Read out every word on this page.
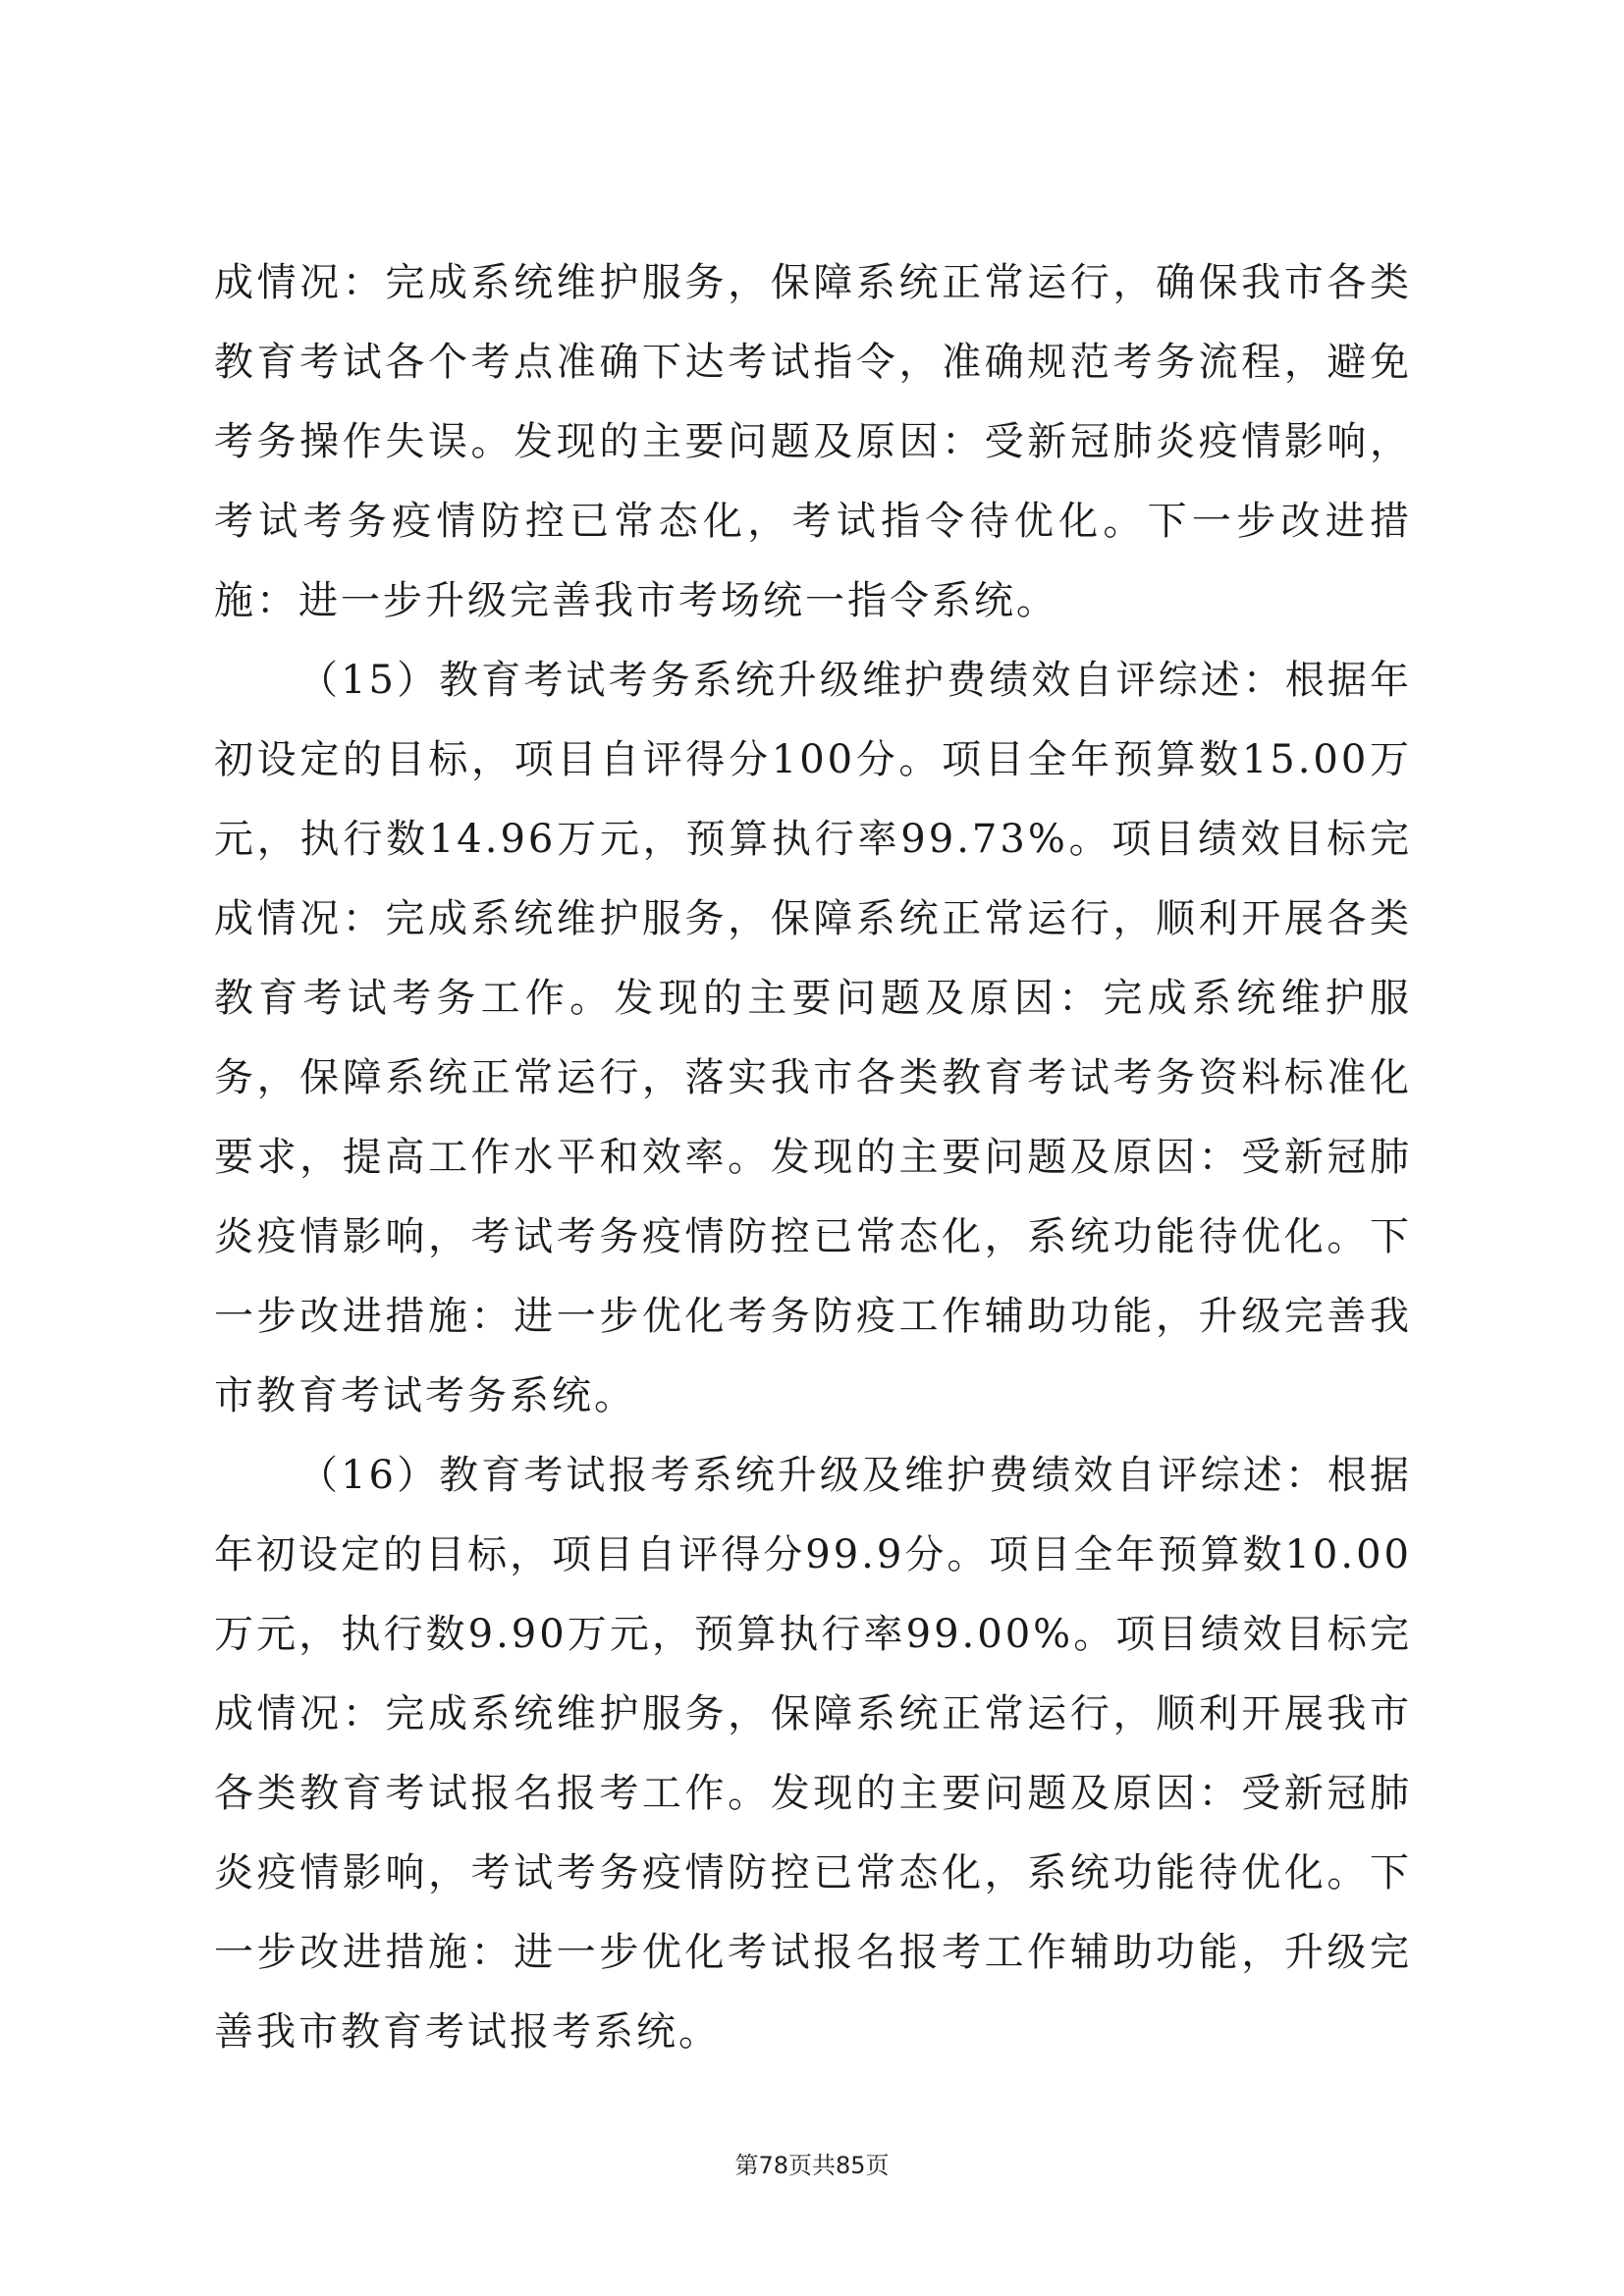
成情况：完成系统维护服务，保障系统正常运行，确保我市各类教育考试各个考点准确下达考试指令，准确规范考务流程，避免考务操作失误。发现的主要问题及原因：受新冠肺炎疫情影响，考试考务疫情防控已常态化，考试指令待优化。下一步改进措施：进一步升级完善我市考场统一指令系统。

（15）教育考试考务系统升级维护费绩效自评综述：根据年初设定的目标，项目自评得分100分。项目全年预算数15.00万元，执行数14.96万元，预算执行率99.73%。项目绩效目标完成情况：完成系统维护服务，保障系统正常运行，顺利开展各类教育考试考务工作。发现的主要问题及原因：完成系统维护服务，保障系统正常运行，落实我市各类教育考试考务资料标准化要求，提高工作水平和效率。发现的主要问题及原因：受新冠肺炎疫情影响，考试考务疫情防控已常态化，系统功能待优化。下一步改进措施：进一步优化考务防疫工作辅助功能，升级完善我市教育考试考务系统。

（16）教育考试报考系统升级及维护费绩效自评综述：根据年初设定的目标，项目自评得分99.9分。项目全年预算数10.00万元，执行数9.90万元，预算执行率99.00%。项目绩效目标完成情况：完成系统维护服务，保障系统正常运行，顺利开展我市各类教育考试报名报考工作。发现的主要问题及原因：受新冠肺炎疫情影响，考试考务疫情防控已常态化，系统功能待优化。下一步改进措施：进一步优化考试报名报考工作辅助功能，升级完善我市教育考试报考系统。

第78页共85页
